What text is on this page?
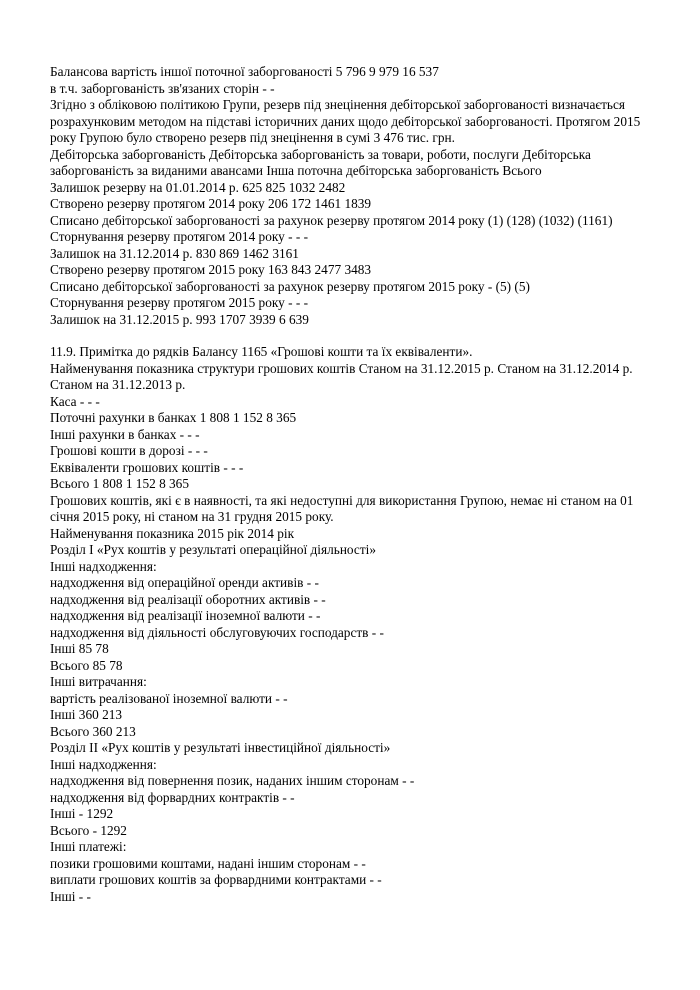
Балансова вартість іншої поточної заборгованості 5 796 9 979 16 537

в т.ч. заборгованість зв'язаних сторін - -

Згідно з обліковою політикою Групи, резерв під знецінення дебіторської заборгованості визначається розрахунковим методом на підставі історичних даних щодо дебіторської заборгованості. Протягом 2015 року Групою було створено резерв під знецінення в сумі 3 476 тис. грн.

Дебіторська заборгованість Дебіторська заборгованість за товари, роботи, послуги Дебіторська заборгованість за виданими авансами Інша поточна дебіторська заборгованість Всього

Залишок резерву на 01.01.2014 р. 625 825 1032 2482

Створено резерву протягом 2014 року 206 172 1461 1839

Списано дебіторської заборгованості за рахунок резерву протягом 2014 року (1) (128) (1032) (1161)

Сторнування резерву протягом 2014 року - - -

Залишок на 31.12.2014 р. 830 869 1462 3161

Створено резерву протягом 2015 року 163 843 2477 3483

Списано дебіторської заборгованості за рахунок резерву протягом 2015 року - (5) (5)

Сторнування резерву протягом 2015 року - - -

Залишок на 31.12.2015 р. 993 1707 3939 6 639

11.9. Примітка до рядків Балансу 1165 «Грошові кошти та їх еквіваленти».

Найменування показника структури грошових коштів Станом на 31.12.2015 р. Станом на 31.12.2014 р. Станом на 31.12.2013 р.

Каса - - -

Поточні рахунки в банках 1 808 1 152 8 365

Інші рахунки в банках - - -

Грошові кошти в дорозі - - -

Еквіваленти грошових коштів - - -

Всього 1 808 1 152 8 365

Грошових коштів, які є в наявності, та які недоступні для використання Групою, немає ні станом на 01 січня 2015 року, ні станом на 31 грудня 2015 року.

Найменування показника 2015 рік 2014 рік

Розділ І «Рух коштів у результаті операційної діяльності»

Інші надходження:

надходження від операційної оренди активів - -

надходження від реалізації оборотних активів - -

надходження від реалізації іноземної валюти - -

надходження від діяльності обслуговуючих господарств - -

Інші 85 78

Всього 85 78

Інші витрачання:

вартість реалізованої іноземної валюти - -

Інші 360 213

Всього 360 213

Розділ ІІ «Рух коштів у результаті інвестиційної діяльності»

Інші надходження:

надходження від повернення позик, наданих іншим сторонам - -

надходження від форвардних контрактів - -

Інші - 1292

Всього - 1292

Інші платежі:

позики грошовими коштами, надані іншим сторонам - -

виплати грошових коштів за форвардними контрактами - -

Інші - -
